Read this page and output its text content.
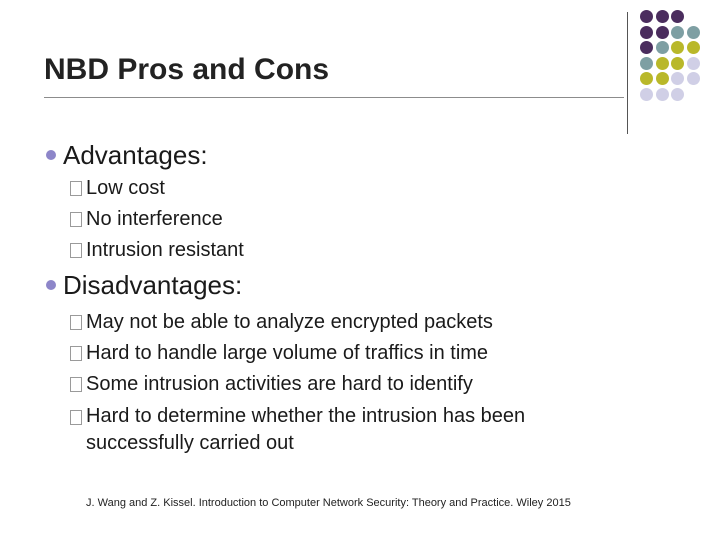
NBD Pros and Cons
Advantages:
Low cost
No interference
Intrusion resistant
Disadvantages:
May not be able to analyze encrypted packets
Hard to handle large volume of traffics in time
Some intrusion activities are hard to identify
Hard to determine whether the intrusion has been successfully carried out
J. Wang and Z. Kissel. Introduction to Computer Network Security: Theory and Practice. Wiley 2015
